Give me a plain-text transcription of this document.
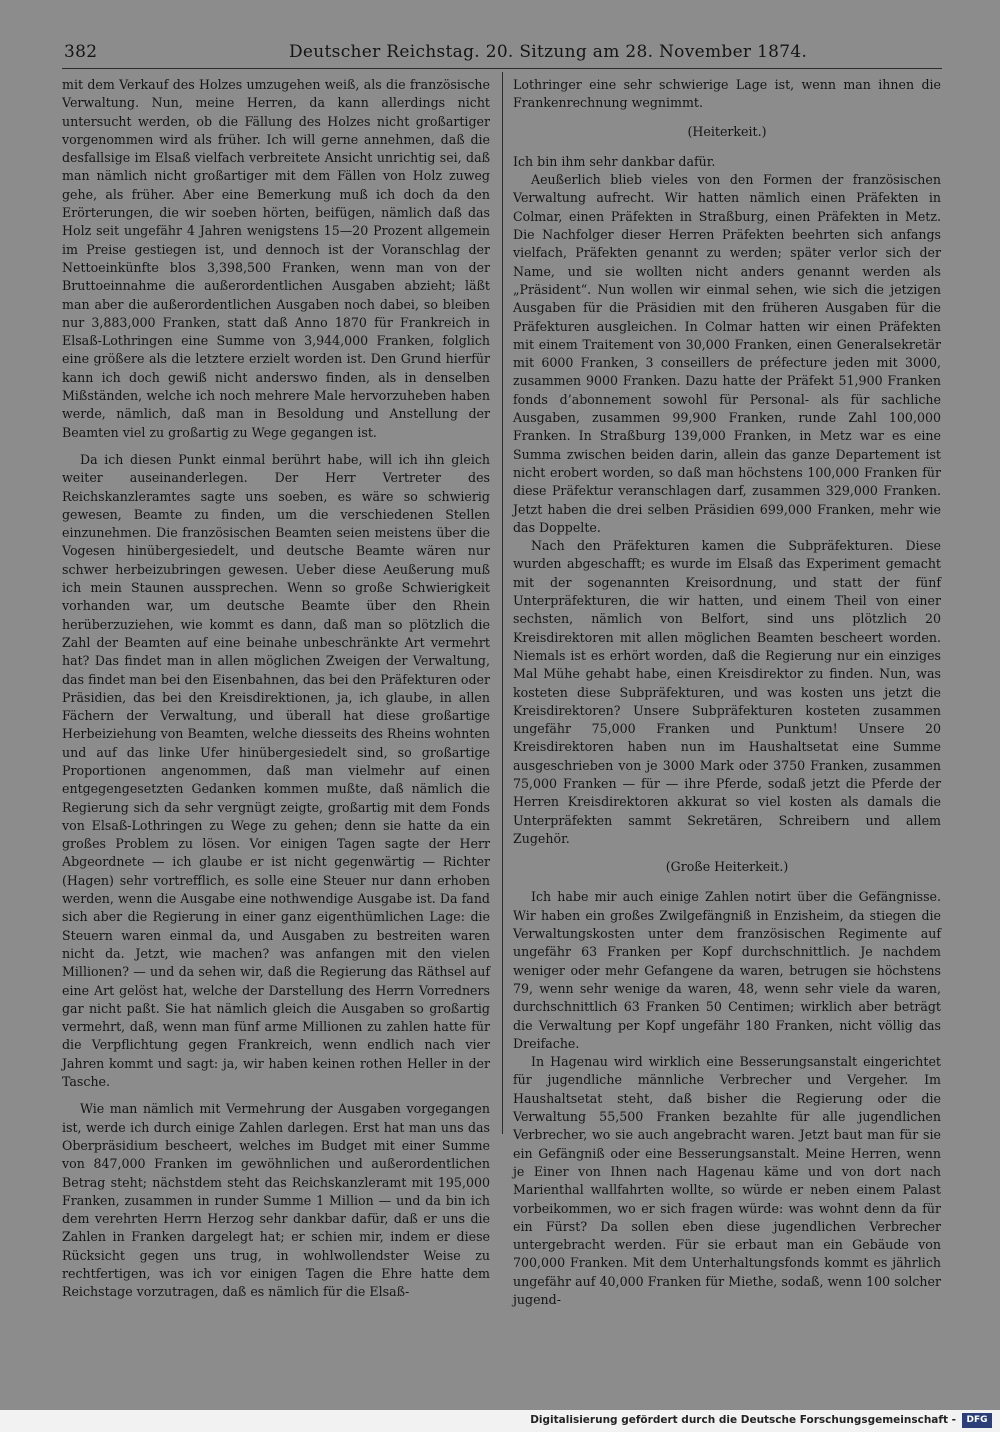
382	Deutscher Reichstag. 20. Sitzung am 28. November 1874.

mit dem Verkauf des Holzes umzugehen weiß, als die französische Verwaltung. Nun, meine Herren, da kann allerdings nicht untersucht werden, ob die Fällung des Holzes nicht großartiger vorgenommen wird als früher. Ich will gerne annehmen, daß die desfallsige im Elsaß vielfach verbreitete Ansicht unrichtig sei, daß man nämlich nicht großartiger mit dem Fällen von Holz zuweg gehe, als früher. Aber eine Bemerkung muß ich doch da den Erörterungen, die wir soeben hörten, beifügen, nämlich daß das Holz seit ungefähr 4 Jahren wenigstens 15—20 Prozent allgemein im Preise gestiegen ist, und dennoch ist der Voranschlag der Nettoeinkünfte blos 3,398,500 Franken, wenn man von der Bruttoeinnahme die außerordentlichen Ausgaben abzieht; läßt man aber die außerordentlichen Ausgaben noch dabei, so bleiben nur 3,883,000 Franken, statt daß Anno 1870 für Frankreich in Elsaß-Lothringen eine Summe von 3,944,000 Franken, folglich eine größere als die letztere erzielt worden ist. Den Grund hierfür kann ich doch gewiß nicht anderswo finden, als in denselben Mißständen, welche ich noch mehrere Male hervorzuheben haben werde, nämlich, daß man in Besoldung und Anstellung der Beamten viel zu großartig zu Wege gegangen ist.

Da ich diesen Punkt einmal berührt habe, will ich ihn gleich weiter auseinanderlegen. Der Herr Vertreter des Reichskanzleramtes sagte uns soeben, es wäre so schwierig gewesen, Beamte zu finden, um die verschiedenen Stellen einzunehmen. Die französischen Beamten seien meistens über die Vogesen hinübergesiedelt, und deutsche Beamte wären nur schwer herbeizubringen gewesen. Ueber diese Aeußerung muß ich mein Staunen aussprechen. Wenn so große Schwierigkeit vorhanden war, um deutsche Beamte über den Rhein herüberzuziehen, wie kommt es dann, daß man so plötzlich die Zahl der Beamten auf eine beinahe unbeschränkte Art vermehrt hat? Das findet man in allen möglichen Zweigen der Verwaltung, das findet man bei den Eisenbahnen, das bei den Präfekturen oder Präsidien, das bei den Kreisdirektionen, ja, ich glaube, in allen Fächern der Verwaltung, und überall hat diese großartige Herbeiziehung von Beamten, welche diesseits des Rheins wohnten und auf das linke Ufer hinübergesiedelt sind, so großartige Proportionen angenommen, daß man vielmehr auf einen entgegengesetzten Gedanken kommen mußte, daß nämlich die Regierung sich da sehr vergnügt zeigte, großartig mit dem Fonds von Elsaß-Lothringen zu Wege zu gehen; denn sie hatte da ein großes Problem zu lösen. Vor einigen Tagen sagte der Herr Abgeordnete — ich glaube er ist nicht gegenwärtig — Richter (Hagen) sehr vortrefflich, es solle eine Steuer nur dann erhoben werden, wenn die Ausgabe eine nothwendige Ausgabe ist. Da fand sich aber die Regierung in einer ganz eigenthümlichen Lage: die Steuern waren einmal da, und Ausgaben zu bestreiten waren nicht da. Jetzt, wie machen? was anfangen mit den vielen Millionen? — und da sehen wir, daß die Regierung das Räthsel auf eine Art gelöst hat, welche der Darstellung des Herrn Vorredners gar nicht paßt. Sie hat nämlich gleich die Ausgaben so großartig vermehrt, daß, wenn man fünf arme Millionen zu zahlen hatte für die Verpflichtung gegen Frankreich, wenn endlich nach vier Jahren kommt und sagt: ja, wir haben keinen rothen Heller in der Tasche.

Wie man nämlich mit Vermehrung der Ausgaben vorgegangen ist, werde ich durch einige Zahlen darlegen. Erst hat man uns das Oberpräsidium bescheert, welches im Budget mit einer Summe von 847,000 Franken im gewöhnlichen und außerordentlichen Betrag steht; nächstdem steht das Reichskanzleramt mit 195,000 Franken, zusammen in runder Summe 1 Million — und da bin ich dem verehrten Herrn Herzog sehr dankbar dafür, daß er uns die Zahlen in Franken dargelegt hat; er schien mir, indem er diese Rücksicht gegen uns trug, in wohlwollendster Weise zu rechtfertigen, was ich vor einigen Tagen die Ehre hatte dem Reichstage vorzutragen, daß es nämlich für die Elsaß-

Lothringer eine sehr schwierige Lage ist, wenn man ihnen die Frankenrechnung wegnimmt.

(Heiterkeit.)

Ich bin ihm sehr dankbar dafür.

Aeußerlich blieb vieles von den Formen der französischen Verwaltung aufrecht. Wir hatten nämlich einen Präfekten in Colmar, einen Präfekten in Straßburg, einen Präfekten in Metz. Die Nachfolger dieser Herren Präfekten beehrten sich anfangs vielfach, Präfekten genannt zu werden; später verlor sich der Name, und sie wollten nicht anders genannt werden als „Präsident“. Nun wollen wir einmal sehen, wie sich die jetzigen Ausgaben für die Präsidien mit den früheren Ausgaben für die Präfekturen ausgleichen. In Colmar hatten wir einen Präfekten mit einem Traitement von 30,000 Franken, einen Generalsekretär mit 6000 Franken, 3 conseillers de préfecture jeden mit 3000, zusammen 9000 Franken. Dazu hatte der Präfekt 51,900 Franken fonds d’abonnement sowohl für Personal- als für sachliche Ausgaben, zusammen 99,900 Franken, runde Zahl 100,000 Franken. In Straßburg 139,000 Franken, in Metz war es eine Summa zwischen beiden darin, allein das ganze Departement ist nicht erobert worden, so daß man höchstens 100,000 Franken für diese Präfektur veranschlagen darf, zusammen 329,000 Franken. Jetzt haben die drei selben Präsidien 699,000 Franken, mehr wie das Doppelte.

Nach den Präfekturen kamen die Subpräfekturen. Diese wurden abgeschafft; es wurde im Elsaß das Experiment gemacht mit der sogenannten Kreisordnung, und statt der fünf Unterpräfekturen, die wir hatten, und einem Theil von einer sechsten, nämlich von Belfort, sind uns plötzlich 20 Kreisdirektoren mit allen möglichen Beamten bescheert worden. Niemals ist es erhört worden, daß die Regierung nur ein einziges Mal Mühe gehabt habe, einen Kreisdirektor zu finden. Nun, was kosteten diese Subpräfekturen, und was kosten uns jetzt die Kreisdirektoren? Unsere Subpräfekturen kosteten zusammen ungefähr 75,000 Franken und Punktum! Unsere 20 Kreisdirektoren haben nun im Haushaltsetat eine Summe ausgeschrieben von je 3000 Mark oder 3750 Franken, zusammen 75,000 Franken — für — ihre Pferde, sodaß jetzt die Pferde der Herren Kreisdirektoren akkurat so viel kosten als damals die Unterpräfekten sammt Sekretären, Schreibern und allem Zugehör.

(Große Heiterkeit.)

Ich habe mir auch einige Zahlen notirt über die Gefängnisse. Wir haben ein großes Zwilgefängniß in Enzisheim, da stiegen die Verwaltungskosten unter dem französischen Regimente auf ungefähr 63 Franken per Kopf durchschnittlich. Je nachdem weniger oder mehr Gefangene da waren, betrugen sie höchstens 79, wenn sehr wenige da waren, 48, wenn sehr viele da waren, durchschnittlich 63 Franken 50 Centimen; wirklich aber beträgt die Verwaltung per Kopf ungefähr 180 Franken, nicht völlig das Dreifache.

In Hagenau wird wirklich eine Besserungsanstalt eingerichtet für jugendliche männliche Verbrecher und Vergeher. Im Haushaltsetat steht, daß bisher die Regierung oder die Verwaltung 55,500 Franken bezahlte für alle jugendlichen Verbrecher, wo sie auch angebracht waren. Jetzt baut man für sie ein Gefängniß oder eine Besserungsanstalt. Meine Herren, wenn je Einer von Ihnen nach Hagenau käme und von dort nach Marienthal wallfahrten wollte, so würde er neben einem Palast vorbeikommen, wo er sich fragen würde: was wohnt denn da für ein Fürst? Da sollen eben diese jugendlichen Verbrecher untergebracht werden. Für sie erbaut man ein Gebäude von 700,000 Franken. Mit dem Unterhaltungsfonds kommt es jährlich ungefähr auf 40,000 Franken für Miethe, sodaß, wenn 100 solcher jugend-

Digitalisierung gefördert durch die Deutsche Forschungsgemeinschaft -	DFG
